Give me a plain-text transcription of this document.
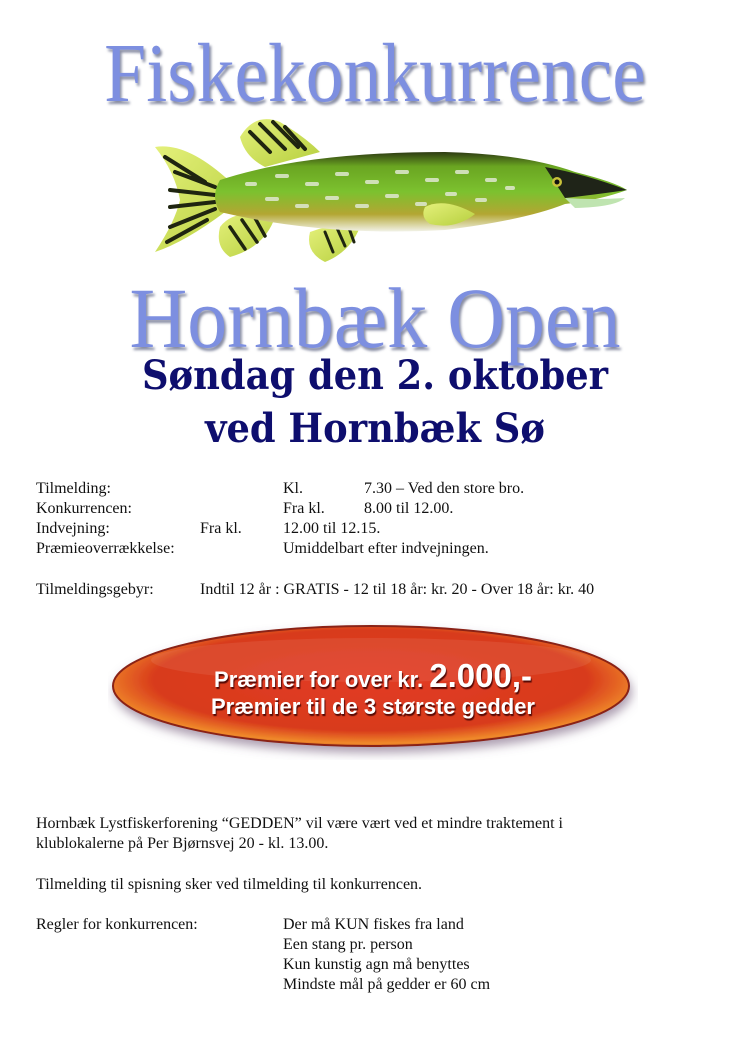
Fiskekonkurrence
Hornbæk Open
Søndag den 2. oktober
ved Hornbæk Sø
Tilmelding:	Kl.	7.30 – Ved den store bro.
Konkurrencen:	Fra kl. 8.00 til 12.00.
Indvejning:	Fra kl.	12.00 til 12.15.
Præmieoverrækkelse:	Umiddelbart efter indvejningen.
Tilmeldingsgebyr:	Indtil 12 år : GRATIS - 12 til 18 år: kr. 20 - Over 18 år: kr. 40
Præmier for over kr. 2.000,-
Præmier til de 3 største gedder
Hornbæk Lystfiskerforening “GEDDEN” vil være vært ved et mindre traktement i
klublokalerne på Per Bjørnsvej 20 - kl. 13.00.
Tilmelding til spisning sker ved tilmelding til konkurrencen.
Regler for konkurrencen:	Der må KUN fiskes fra land
Een stang pr. person
Kun kunstig agn må benyttes
Mindste mål på gedder er 60 cm
